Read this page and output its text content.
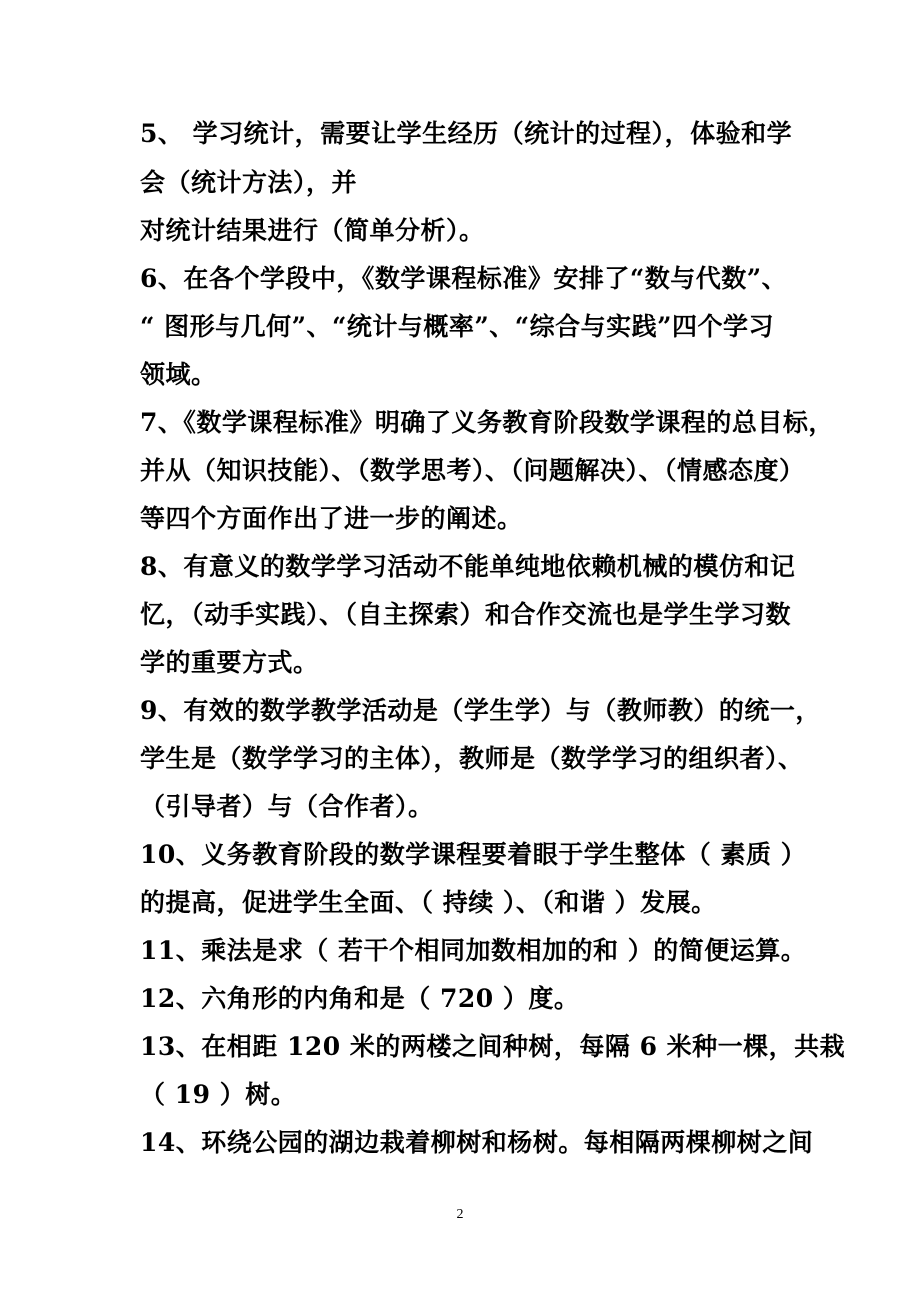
5、 学习统计，需要让学生经历（统计的过程），体验和学
会（统计方法），并
对统计结果进行（简单分析）。
6、在各个学段中，《数学课程标准》安排了“数与代数”、
“ 图形与几何”、“统计与概率”、“综合与实践”四个学习
领域。
7、《数学课程标准》明确了义务教育阶段数学课程的总目标，
并从（知识技能）、（数学思考）、（问题解决）、（情感态度）
等四个方面作出了进一步的阐述。
8、有意义的数学学习活动不能单纯地依赖机械的模仿和记
忆，（动手实践）、（自主探索）和合作交流也是学生学习数
学的重要方式。
9、有效的数学教学活动是（学生学）与（教师教）的统一，
学生是（数学学习的主体），教师是（数学学习的组织者）、
（引导者）与（合作者）。
10、义务教育阶段的数学课程要着眼于学生整体（ 素质 ）
的提高，促进学生全面、（ 持续 ）、（和谐 ）发展。
11、乘法是求（ 若干个相同加数相加的和 ）的简便运算。
12、六角形的内角和是（ 720 ）度。
13、在相距 120 米的两楼之间种树，每隔 6 米种一棵，共栽
（ 19 ）树。
14、环绕公园的湖边栽着柳树和杨树。每相隔两棵柳树之间
2
